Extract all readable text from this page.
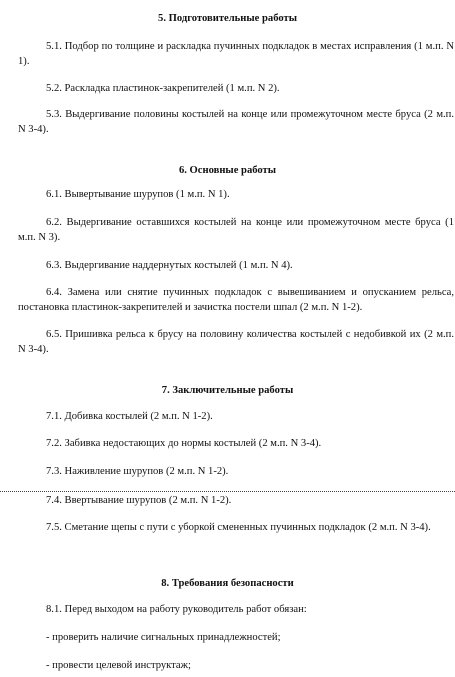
5. Подготовительные работы
5.1. Подбор по толщине и раскладка пучинных подкладок в местах исправления (1 м.п. N 1).
5.2. Раскладка пластинок-закрепителей (1 м.п. N 2).
5.3. Выдергивание половины костылей на конце или промежуточном месте бруса (2 м.п. N 3-4).
6. Основные работы
6.1. Вывертывание шурупов (1 м.п. N 1).
6.2. Выдергивание оставшихся костылей на конце или промежуточном месте бруса (1 м.п. N 3).
6.3. Выдергивание наддернутых костылей (1 м.п. N 4).
6.4. Замена или снятие пучинных подкладок с вывешиванием и опусканием рельса, постановка пластинок-закрепителей и зачистка постели шпал (2 м.п. N 1-2).
6.5. Пришивка рельса к брусу на половину количества костылей с недобивкой их (2 м.п. N 3-4).
7. Заключительные работы
7.1. Добивка костылей (2 м.п. N 1-2).
7.2. Забивка недостающих до нормы костылей (2 м.п. N 3-4).
7.3. Наживление шурупов (2 м.п. N 1-2).
7.4. Ввертывание шурупов (2 м.п. N 1-2).
7.5. Сметание щепы с пути с уборкой смененных пучинных подкладок (2 м.п. N 3-4).
8. Требования безопасности
8.1. Перед выходом на работу руководитель работ обязан:
- проверить наличие сигнальных принадлежностей;
- провести целевой инструктаж;
